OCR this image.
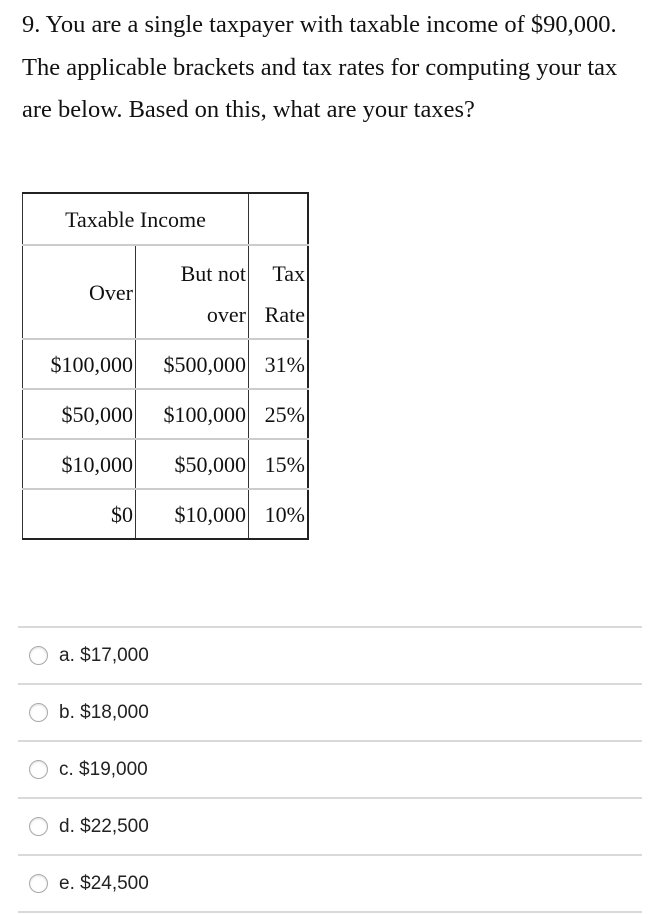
9. You are a single taxpayer with taxable income of $90,000. The applicable brackets and tax rates for computing your tax are below. Based on this, what are your taxes?
Taxable Income		
Over	But not over	Tax Rate
$100,000	$500,000	31%
$50,000	$100,000	25%
$10,000	$50,000	15%
$0	$10,000	10%
a. $17,000
b. $18,000
c. $19,000
d. $22,500
e. $24,500
